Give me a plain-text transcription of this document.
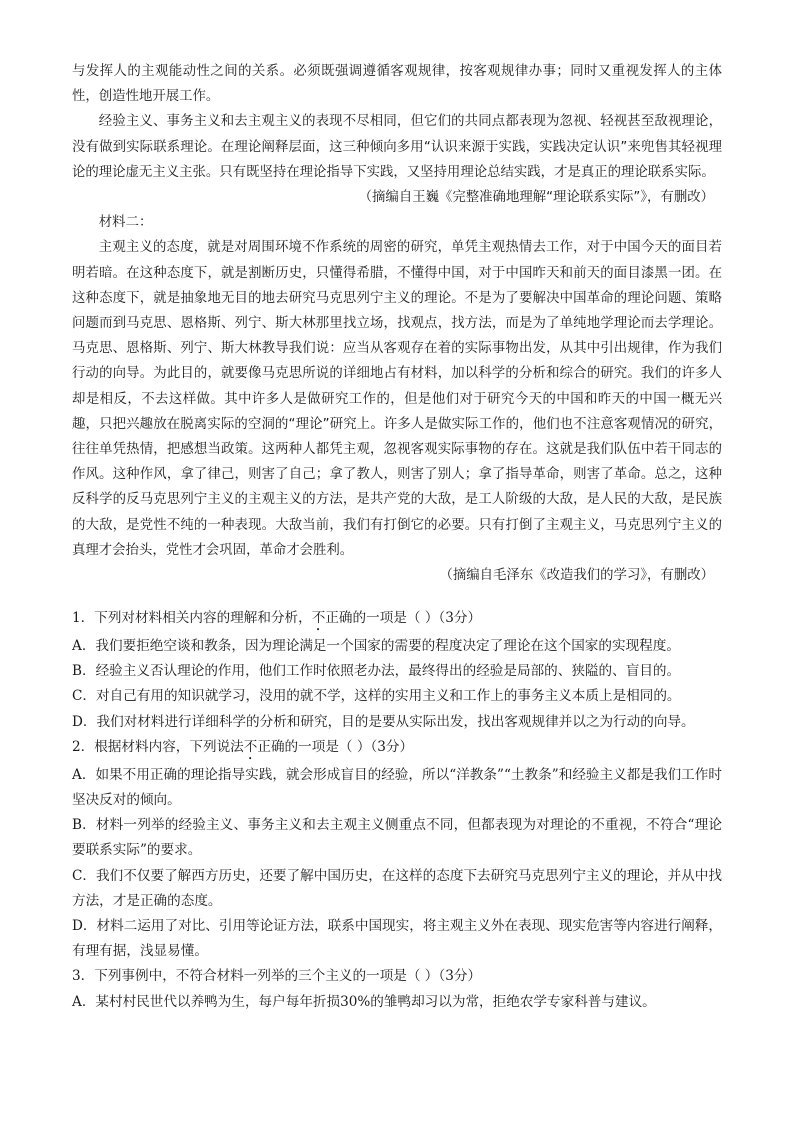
与发挥人的主观能动性之间的关系。必须既强调遵循客观规律，按客观规律办事；同时又重视发挥人的主体性，创造性地开展工作。

经验主义、事务主义和去主观主义的表现不尽相同，但它们的共同点都表现为忽视、轻视甚至敌视理论，没有做到实际联系理论。在理论阐释层面，这三种倾向多用“认识来源于实践，实践决定认识”来兜售其轻视理论的理论虚无主义主张。只有既坚持在理论指导下实践，又坚持用理论总结实践，才是真正的理论联系实际。

（摘编自王巍《完整准确地理解“理论联系实际”》，有删改）

材料二：

主观主义的态度，就是对周围环境不作系统的周密的研究，单凭主观热情去工作，对于中国今天的面目若明若暗。在这种态度下，就是割断历史，只懂得希腊，不懂得中国，对于中国昨天和前天的面目漆黑一团。在这种态度下，就是抽象地无目的地去研究马克思列宁主义的理论。不是为了要解决中国革命的理论问题、策略问题而到马克思、恩格斯、列宁、斯大林那里找立场，找观点，找方法，而是为了单纯地学理论而去学理论。马克思、恩格斯、列宁、斯大林教导我们说：应当从客观存在着的实际事物出发，从其中引出规律，作为我们行动的向导。为此目的，就要像马克思所说的详细地占有材料，加以科学的分析和综合的研究。我们的许多人却是相反，不去这样做。其中许多人是做研究工作的，但是他们对于研究今天的中国和昨天的中国一概无兴趣，只把兴趣放在脱离实际的空洞的“理论”研究上。许多人是做实际工作的，他们也不注意客观情况的研究，往往单凭热情，把感想当政策。这两种人都凭主观，忽视客观实际事物的存在。这就是我们队伍中若干同志的作风。这种作风，拿了律己，则害了自己；拿了教人，则害了别人；拿了指导革命，则害了革命。总之，这种反科学的反马克思列宁主义的主观主义的方法，是共产党的大敌，是工人阶级的大敌，是人民的大敌，是民族的大敌，是党性不纯的一种表现。大敌当前，我们有打倒它的必要。只有打倒了主观主义，马克思列宁主义的真理才会抬头，党性才会巩固，革命才会胜利。

（摘编自毛泽东《改造我们的学习》，有删改）

1．下列对材料相关内容的理解和分析，不正确的一项是（ ）（3分）

A．我们要拒绝空谈和教条，因为理论满足一个国家的需要的程度决定了理论在这个国家的实现程度。

B．经验主义否认理论的作用，他们工作时依照老办法，最终得出的经验是局部的、狭隘的、盲目的。

C．对自己有用的知识就学习，没用的就不学，这样的实用主义和工作上的事务主义本质上是相同的。

D．我们对材料进行详细科学的分析和研究，目的是要从实际出发，找出客观规律并以之为行动的向导。

2．根据材料内容，下列说法不正确的一项是（ ）（3分）

A．如果不用正确的理论指导实践，就会形成盲目的经验，所以“洋教条”“土教条”和经验主义都是我们工作时坚决反对的倾向。

B．材料一列举的经验主义、事务主义和去主观主义侧重点不同，但都表现为对理论的不重视，不符合“理论要联系实际”的要求。

C．我们不仅要了解西方历史，还要了解中国历史，在这样的态度下去研究马克思列宁主义的理论，并从中找方法，才是正确的态度。

D．材料二运用了对比、引用等论证方法，联系中国现实，将主观主义外在表现、现实危害等内容进行阐释，有理有据，浅显易懂。

3．下列事例中，不符合材料一列举的三个主义的一项是（ ）（3分）

A．某村村民世代以养鸭为生，每户每年折损30%的雏鸭却习以为常，拒绝农学专家科普与建议。
